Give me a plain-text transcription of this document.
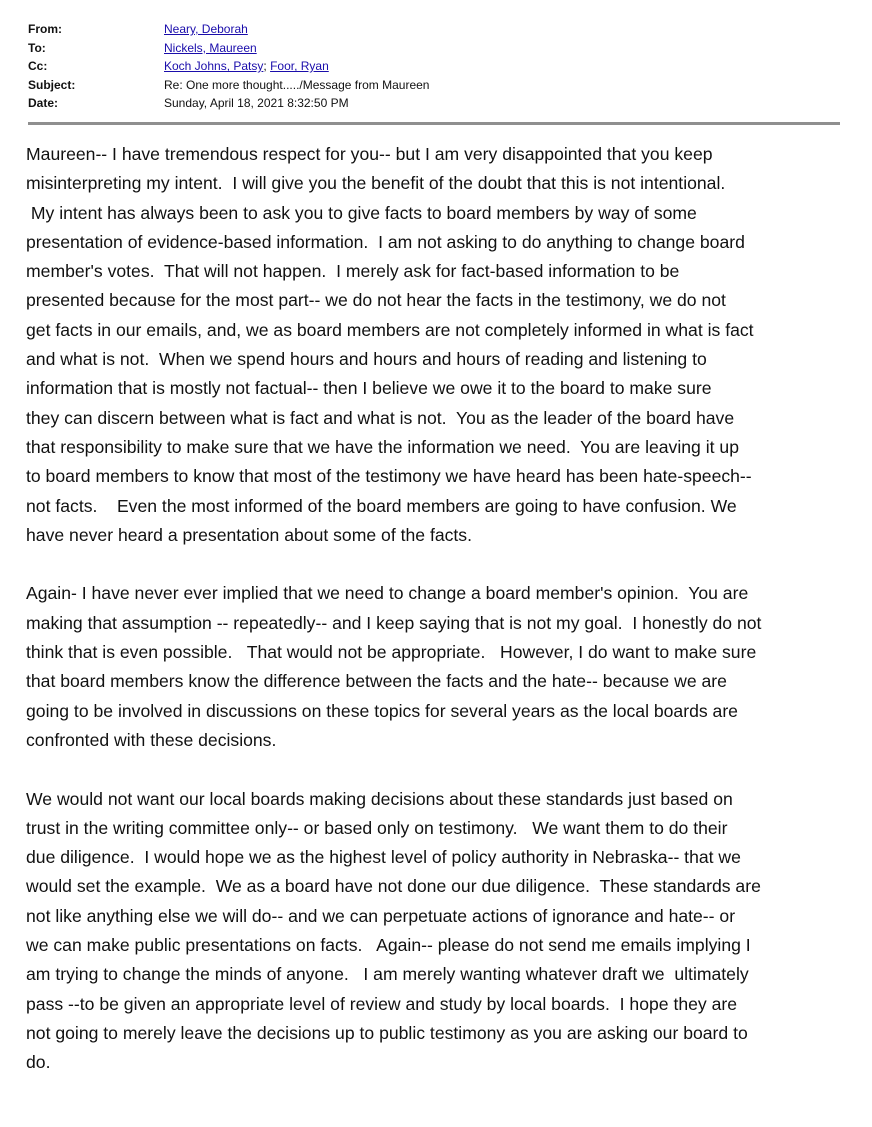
From:	Neary, Deborah
To:	Nickels, Maureen
Cc:	Koch Johns, Patsy; Foor, Ryan
Subject:	Re: One more thought...../Message from Maureen
Date:	Sunday, April 18, 2021 8:32:50 PM
Maureen-- I have tremendous respect for you-- but I am very disappointed that you keep
misinterpreting my intent.  I will give you the benefit of the doubt that this is not intentional.
My intent has always been to ask you to give facts to board members by way of some
presentation of evidence-based information.  I am not asking to do anything to change board
member's votes.  That will not happen.  I merely ask for fact-based information to be
presented because for the most part-- we do not hear the facts in the testimony, we do not
get facts in our emails, and, we as board members are not completely informed in what is fact
and what is not.  When we spend hours and hours and hours of reading and listening to
information that is mostly not factual-- then I believe we owe it to the board to make sure
they can discern between what is fact and what is not.  You as the leader of the board have
that responsibility to make sure that we have the information we need.  You are leaving it up
to board members to know that most of the testimony we have heard has been hate-speech--
not facts.    Even the most informed of the board members are going to have confusion. We
have never heard a presentation about some of the facts.
Again- I have never ever implied that we need to change a board member's opinion.  You are
making that assumption -- repeatedly-- and I keep saying that is not my goal.  I honestly do not
think that is even possible.   That would not be appropriate.   However, I do want to make sure
that board members know the difference between the facts and the hate-- because we are
going to be involved in discussions on these topics for several years as the local boards are
confronted with these decisions.
We would not want our local boards making decisions about these standards just based on
trust in the writing committee only-- or based only on testimony.   We want them to do their
due diligence.  I would hope we as the highest level of policy authority in Nebraska-- that we
would set the example.  We as a board have not done our due diligence.  These standards are
not like anything else we will do-- and we can perpetuate actions of ignorance and hate-- or
we can make public presentations on facts.   Again-- please do not send me emails implying I
am trying to change the minds of anyone.   I am merely wanting whatever draft we  ultimately
pass --to be given an appropriate level of review and study by local boards.  I hope they are
not going to merely leave the decisions up to public testimony as you are asking our board to
do.
